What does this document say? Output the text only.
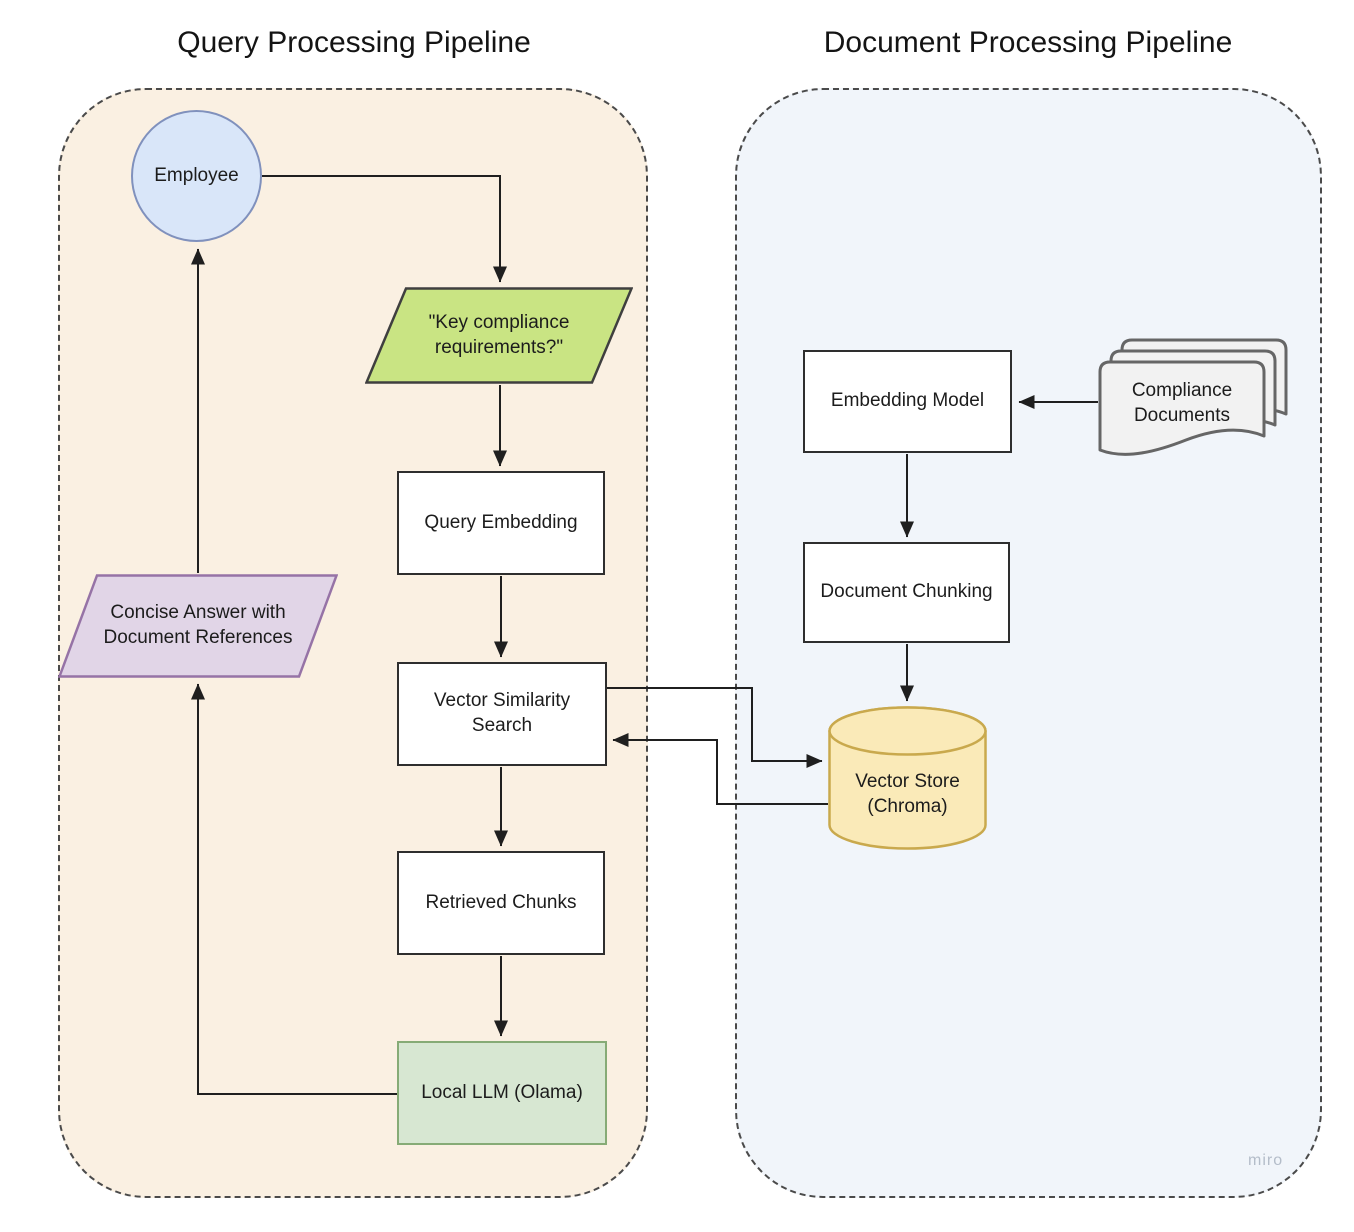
Query Processing Pipeline	Document Processing Pipeline
Employee
"Key compliance requirements?"
Query Embedding
Vector Similarity Search
Retrieved Chunks
Local LLM (Olama)
Concise Answer with Document References
Embedding Model	Compliance Documents
Document Chunking
Vector Store (Chroma)
miro
